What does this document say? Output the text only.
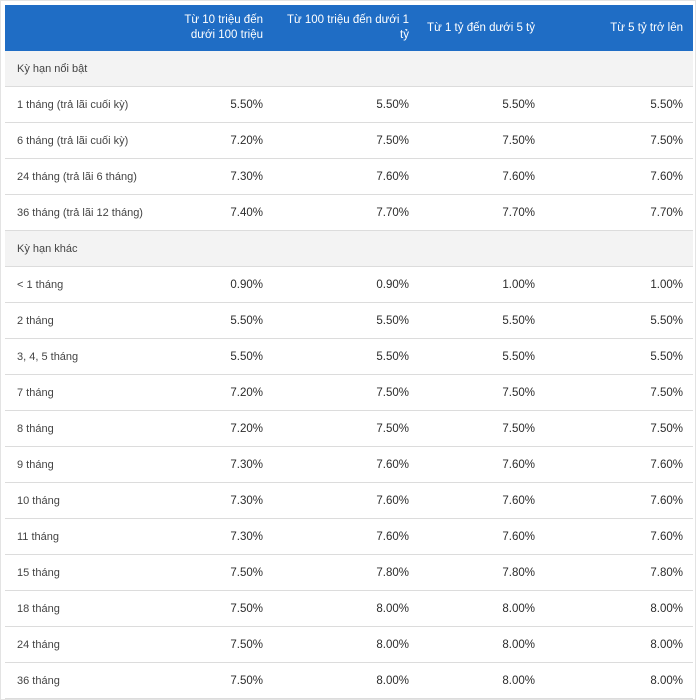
	Từ 10 triệu đến dưới 100 triệu	Từ 100 triệu đến dưới 1 tỷ	Từ 1 tỷ đến dưới 5 tỷ	Từ 5 tỷ trở lên
Kỳ hạn nổi bật				
1 tháng (trả lãi cuối kỳ)	5.50%	5.50%	5.50%	5.50%
6 tháng (trả lãi cuối kỳ)	7.20%	7.50%	7.50%	7.50%
24 tháng (trả lãi 6 tháng)	7.30%	7.60%	7.60%	7.60%
36 tháng (trả lãi 12 tháng)	7.40%	7.70%	7.70%	7.70%
Kỳ hạn khác				
< 1 tháng	0.90%	0.90%	1.00%	1.00%
2 tháng	5.50%	5.50%	5.50%	5.50%
3, 4, 5 tháng	5.50%	5.50%	5.50%	5.50%
7 tháng	7.20%	7.50%	7.50%	7.50%
8 tháng	7.20%	7.50%	7.50%	7.50%
9 tháng	7.30%	7.60%	7.60%	7.60%
10 tháng	7.30%	7.60%	7.60%	7.60%
11 tháng	7.30%	7.60%	7.60%	7.60%
15 tháng	7.50%	7.80%	7.80%	7.80%
18 tháng	7.50%	8.00%	8.00%	8.00%
24 tháng	7.50%	8.00%	8.00%	8.00%
36 tháng	7.50%	8.00%	8.00%	8.00%
